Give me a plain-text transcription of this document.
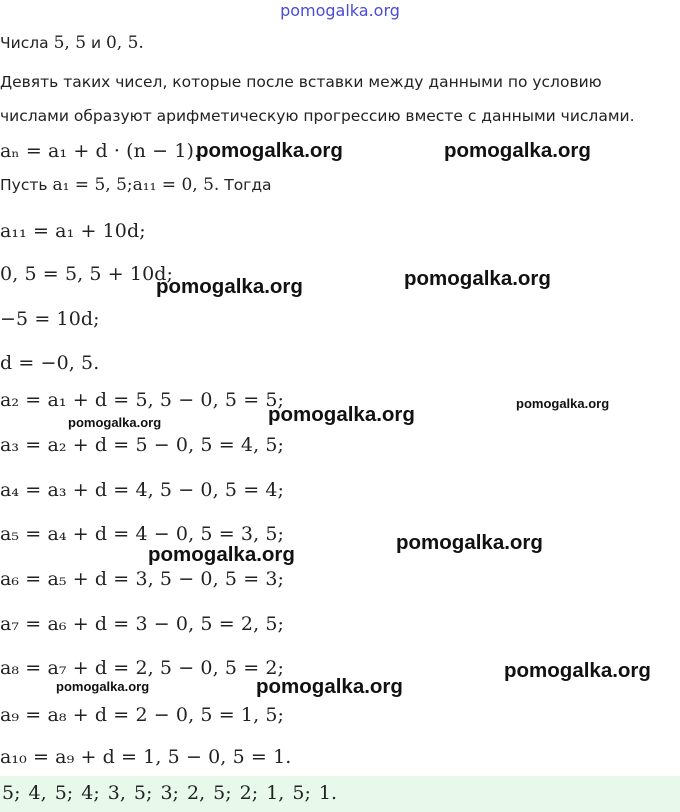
pomogalka.org
Числа 5, 5 и 0, 5.
Девять таких чисел, которые после вставки между данными по условию
числами образуют арифметическую прогрессию вместе с данными числами.
aₙ = a₁ + d · (n − 1).
Пусть a₁ = 5, 5;a₁₁ = 0, 5. Тогда
a₁₁ = a₁ + 10d;
0, 5 = 5, 5 + 10d;
−5 = 10d;
d = −0, 5.
a₂ = a₁ + d = 5, 5 − 0, 5 = 5;
a₃ = a₂ + d = 5 − 0, 5 = 4, 5;
a₄ = a₃ + d = 4, 5 − 0, 5 = 4;
a₅ = a₄ + d = 4 − 0, 5 = 3, 5;
a₆ = a₅ + d = 3, 5 − 0, 5 = 3;
a₇ = a₆ + d = 3 − 0, 5 = 2, 5;
a₈ = a₇ + d = 2, 5 − 0, 5 = 2;
a₉ = a₈ + d = 2 − 0, 5 = 1, 5;
a₁₀ = a₉ + d = 1, 5 − 0, 5 = 1.
pomogalka.org	pomogalka.org
pomogalka.org	pomogalka.org
pomogalka.org	pomogalka.org
pomogalka.org
pomogalka.org
pomogalka.org
pomogalka.org
pomogalka.org	pomogalka.org
5; 4, 5; 4; 3, 5; 3; 2, 5; 2; 1, 5; 1.
